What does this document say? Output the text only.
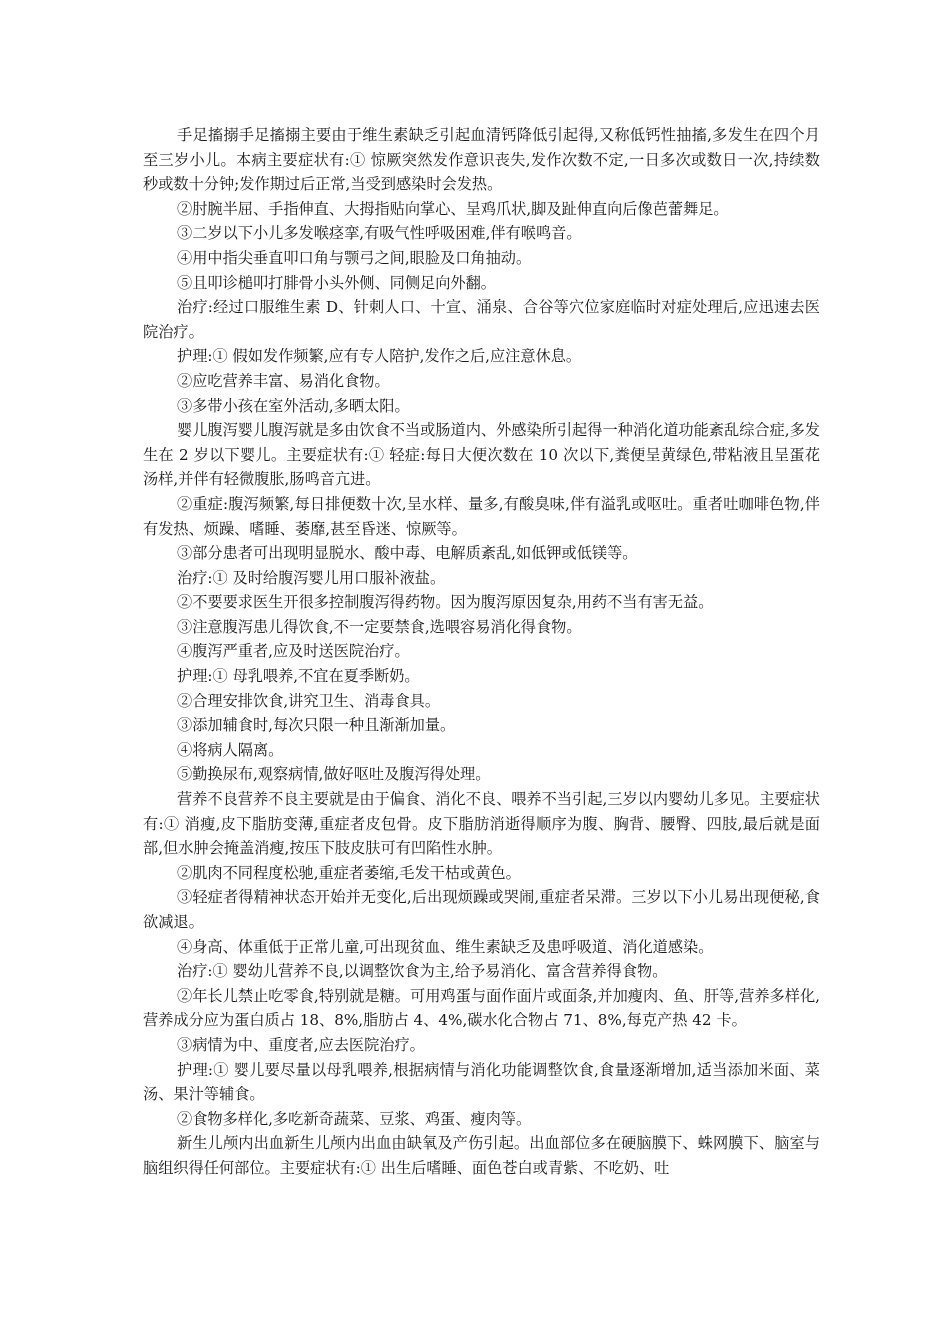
手足搐搦手足搐搦主要由于维生素缺乏引起血清钙降低引起得,又称低钙性抽搐,多发生在四个月至三岁小儿。本病主要症状有:① 惊厥突然发作意识丧失,发作次数不定,一日多次或数日一次,持续数秒或数十分钟;发作期过后正常,当受到感染时会发热。

②肘腕半屈、手指伸直、大拇指贴向掌心、呈鸡爪状,脚及趾伸直向后像芭蕾舞足。

③二岁以下小儿多发喉痉挛,有吸气性呼吸困难,伴有喉鸣音。

④用中指尖垂直叩口角与颚弓之间,眼脸及口角抽动。

⑤且叩诊槌叩打腓骨小头外侧、同侧足向外翻。

治疗:经过口服维生素 D、针刺人口、十宣、涌泉、合谷等穴位家庭临时对症处理后,应迅速去医院治疗。

护理:① 假如发作频繁,应有专人陪护,发作之后,应注意休息。

②应吃营养丰富、易消化食物。

③多带小孩在室外活动,多晒太阳。

婴儿腹泻婴儿腹泻就是多由饮食不当或肠道内、外感染所引起得一种消化道功能紊乱综合症,多发生在 2 岁以下婴儿。主要症状有:① 轻症:每日大便次数在 10 次以下,粪便呈黄绿色,带粘液且呈蛋花汤样,并伴有轻微腹胀,肠鸣音亢进。

②重症:腹泻频繁,每日排便数十次,呈水样、量多,有酸臭味,伴有溢乳或呕吐。重者吐咖啡色物,伴有发热、烦躁、嗜睡、萎靡,甚至昏迷、惊厥等。

③部分患者可出现明显脱水、酸中毒、电解质紊乱,如低钾或低镁等。

治疗:① 及时给腹泻婴儿用口服补液盐。

②不要要求医生开很多控制腹泻得药物。因为腹泻原因复杂,用药不当有害无益。

③注意腹泻患儿得饮食,不一定要禁食,选喂容易消化得食物。

④腹泻严重者,应及时送医院治疗。

护理:① 母乳喂养,不宜在夏季断奶。

②合理安排饮食,讲究卫生、消毒食具。

③添加辅食时,每次只限一种且渐渐加量。

④将病人隔离。

⑤勤换尿布,观察病情,做好呕吐及腹泻得处理。

营养不良营养不良主要就是由于偏食、消化不良、喂养不当引起,三岁以内婴幼儿多见。主要症状有:① 消瘦,皮下脂肪变薄,重症者皮包骨。皮下脂肪消逝得顺序为腹、胸背、腰臀、四肢,最后就是面部,但水肿会掩盖消瘦,按压下肢皮肤可有凹陷性水肿。

②肌肉不同程度松驰,重症者萎缩,毛发干枯或黄色。

③轻症者得精神状态开始并无变化,后出现烦躁或哭闹,重症者呆滞。三岁以下小儿易出现便秘,食欲减退。

④身高、体重低于正常儿童,可出现贫血、维生素缺乏及患呼吸道、消化道感染。

治疗:① 婴幼儿营养不良,以调整饮食为主,给予易消化、富含营养得食物。

②年长儿禁止吃零食,特别就是糖。可用鸡蛋与面作面片或面条,并加瘦肉、鱼、肝等,营养多样化,营养成分应为蛋白质占 18、8%,脂肪占 4、4%,碳水化合物占 71、8%,每克产热 42 卡。

③病情为中、重度者,应去医院治疗。

护理:① 婴儿要尽量以母乳喂养,根据病情与消化功能调整饮食,食量逐渐增加,适当添加米面、菜汤、果汁等辅食。

②食物多样化,多吃新奇蔬菜、豆浆、鸡蛋、瘦肉等。

新生儿颅内出血新生儿颅内出血由缺氧及产伤引起。出血部位多在硬脑膜下、蛛网膜下、脑室与脑组织得任何部位。主要症状有:① 出生后嗜睡、面色苍白或青紫、不吃奶、吐
